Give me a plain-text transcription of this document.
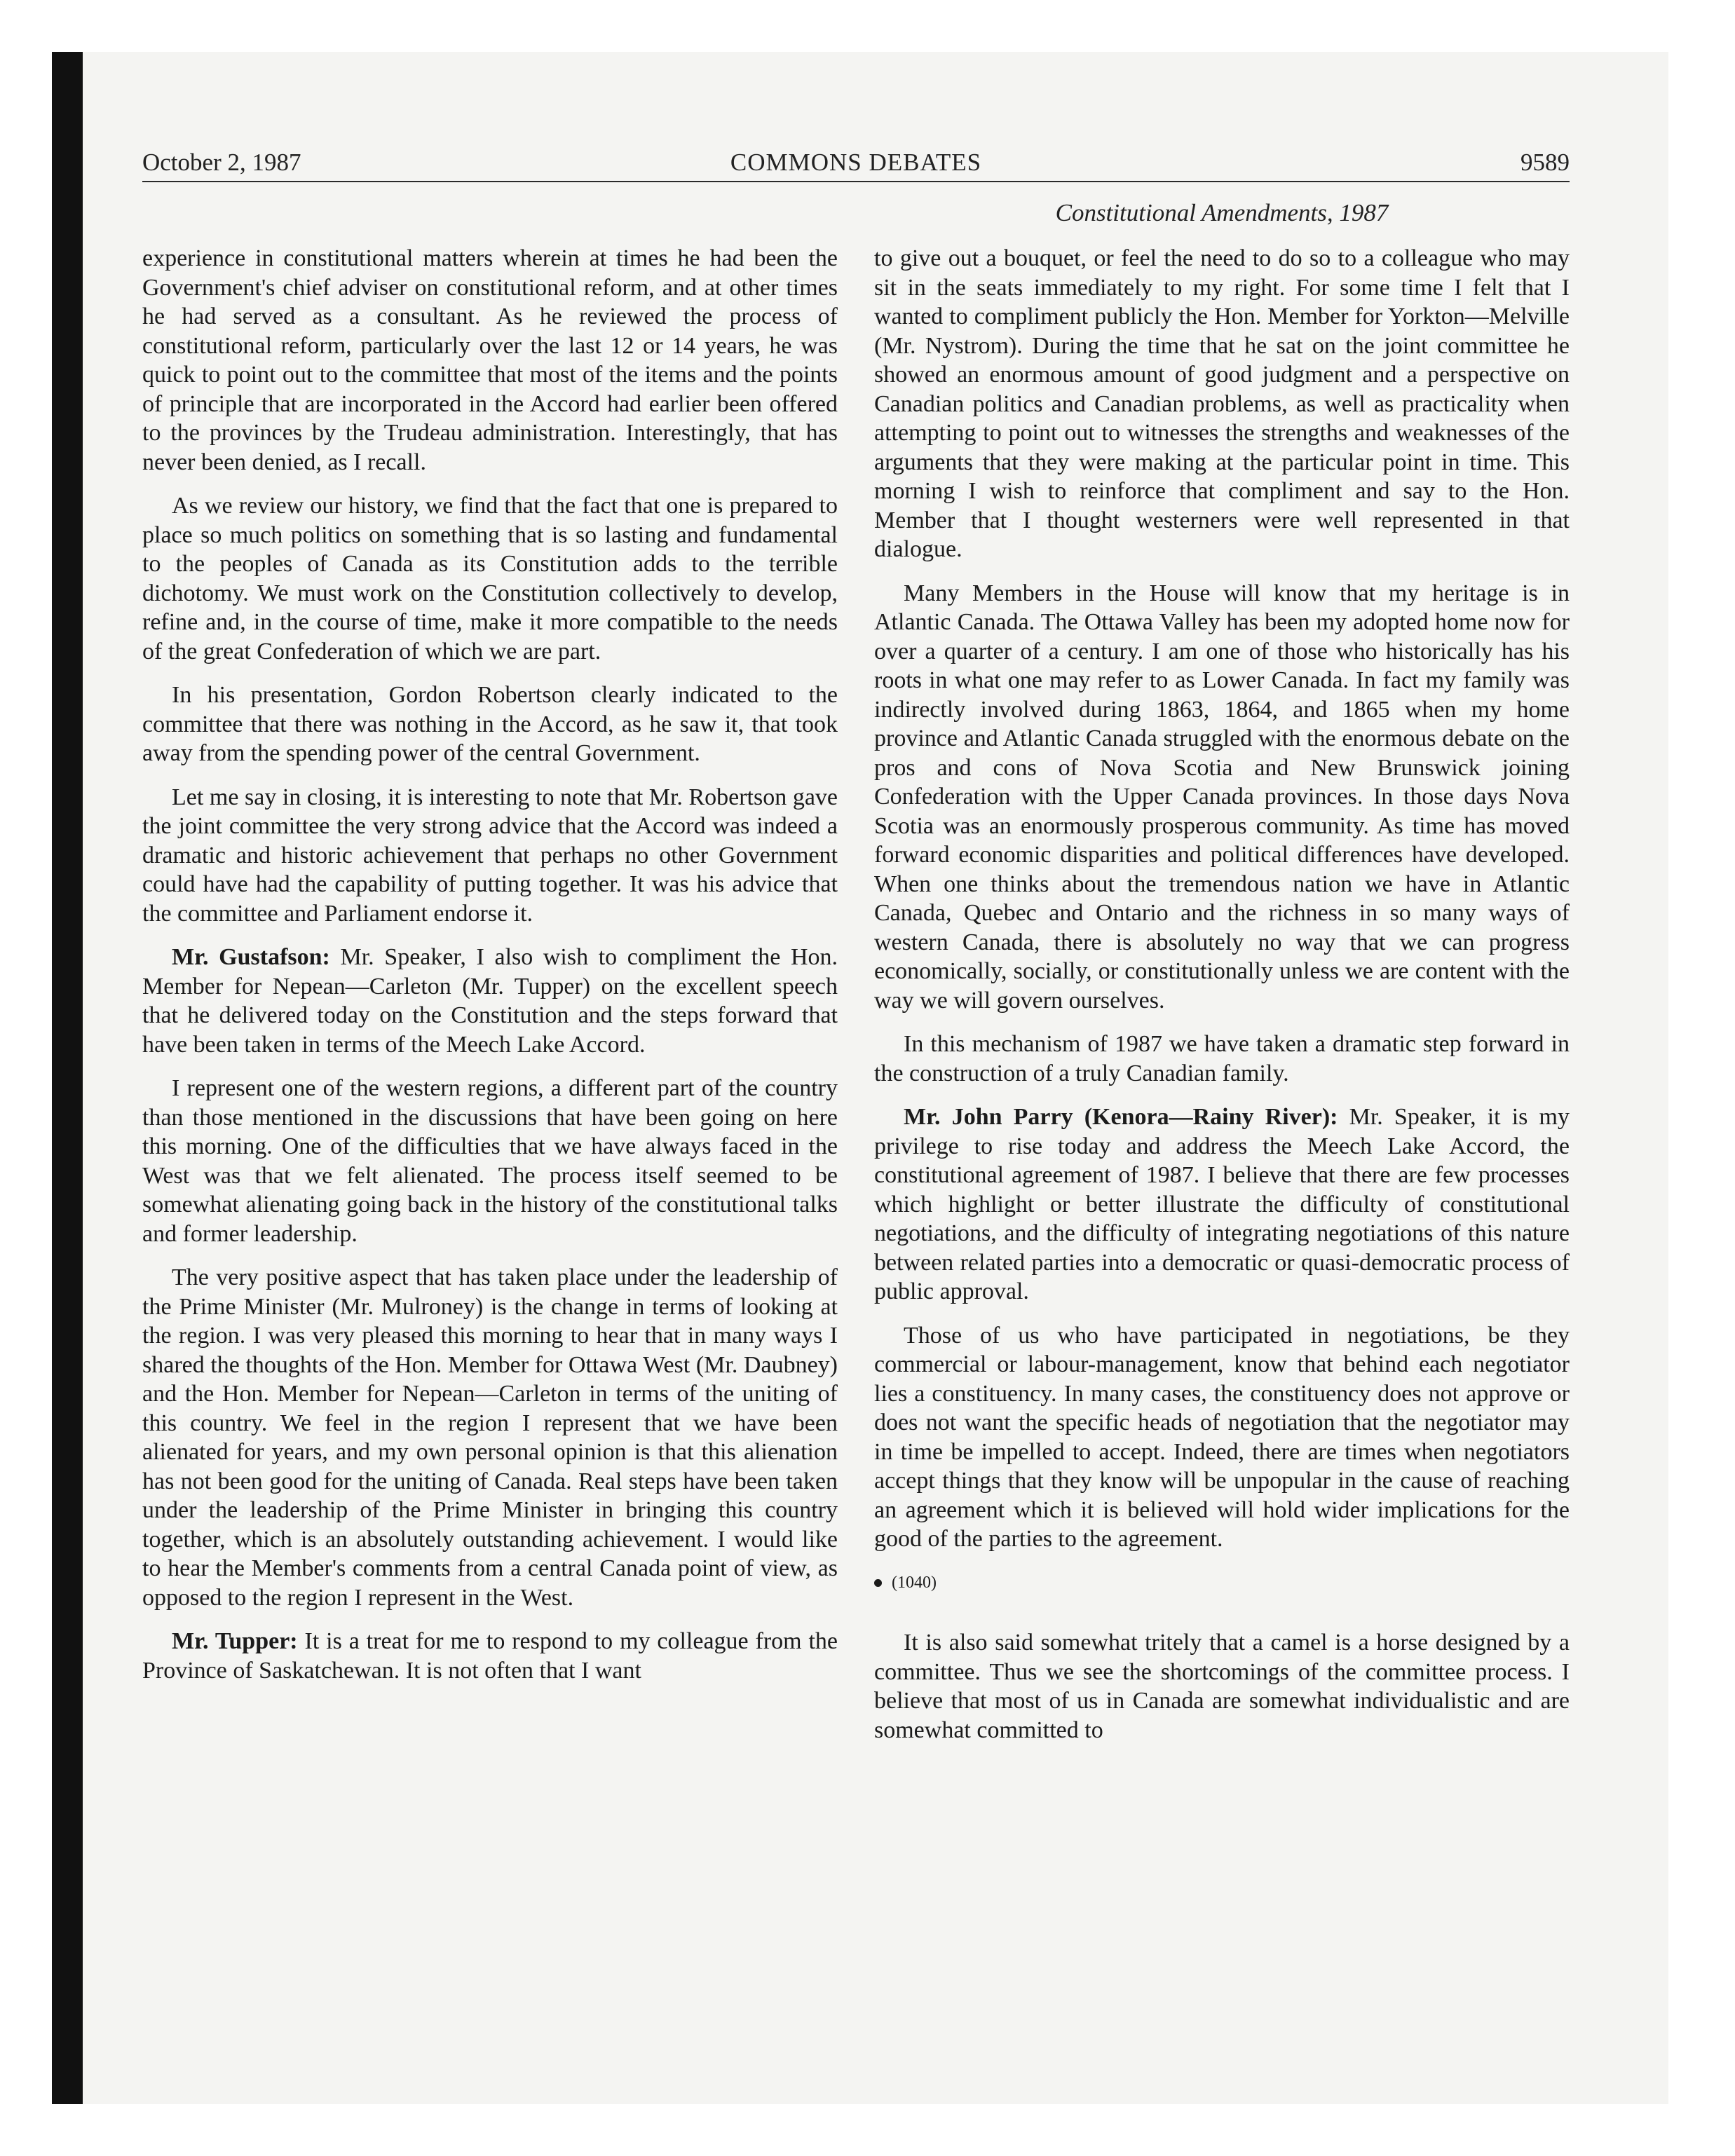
October 2, 1987	COMMONS DEBATES	9589
Constitutional Amendments, 1987

experience in constitutional matters wherein at times he had been the Government's chief adviser on constitutional reform, and at other times he had served as a consultant. As he reviewed the process of constitutional reform, particularly over the last 12 or 14 years, he was quick to point out to the committee that most of the items and the points of principle that are incorporated in the Accord had earlier been offered to the provinces by the Trudeau administration. Interestingly, that has never been denied, as I recall.

As we review our history, we find that the fact that one is prepared to place so much politics on something that is so lasting and fundamental to the peoples of Canada as its Constitution adds to the terrible dichotomy. We must work on the Constitution collectively to develop, refine and, in the course of time, make it more compatible to the needs of the great Confederation of which we are part.

In his presentation, Gordon Robertson clearly indicated to the committee that there was nothing in the Accord, as he saw it, that took away from the spending power of the central Government.

Let me say in closing, it is interesting to note that Mr. Robertson gave the joint committee the very strong advice that the Accord was indeed a dramatic and historic achievement that perhaps no other Government could have had the capability of putting together. It was his advice that the committee and Parliament endorse it.

Mr. Gustafson: Mr. Speaker, I also wish to compliment the Hon. Member for Nepean—Carleton (Mr. Tupper) on the excellent speech that he delivered today on the Constitution and the steps forward that have been taken in terms of the Meech Lake Accord.

I represent one of the western regions, a different part of the country than those mentioned in the discussions that have been going on here this morning. One of the difficulties that we have always faced in the West was that we felt alienated. The process itself seemed to be somewhat alienating going back in the history of the constitutional talks and former leadership.

The very positive aspect that has taken place under the leadership of the Prime Minister (Mr. Mulroney) is the change in terms of looking at the region. I was very pleased this morning to hear that in many ways I shared the thoughts of the Hon. Member for Ottawa West (Mr. Daubney) and the Hon. Member for Nepean—Carleton in terms of the uniting of this country. We feel in the region I represent that we have been alienated for years, and my own personal opinion is that this alienation has not been good for the uniting of Canada. Real steps have been taken under the leadership of the Prime Minister in bringing this country together, which is an absolutely outstanding achievement. I would like to hear the Member's comments from a central Canada point of view, as opposed to the region I represent in the West.

Mr. Tupper: It is a treat for me to respond to my colleague from the Province of Saskatchewan. It is not often that I want

to give out a bouquet, or feel the need to do so to a colleague who may sit in the seats immediately to my right. For some time I felt that I wanted to compliment publicly the Hon. Member for Yorkton—Melville (Mr. Nystrom). During the time that he sat on the joint committee he showed an enormous amount of good judgment and a perspective on Canadian politics and Canadian problems, as well as practicality when attempting to point out to witnesses the strengths and weaknesses of the arguments that they were making at the particular point in time. This morning I wish to reinforce that compliment and say to the Hon. Member that I thought westerners were well represented in that dialogue.

Many Members in the House will know that my heritage is in Atlantic Canada. The Ottawa Valley has been my adopted home now for over a quarter of a century. I am one of those who historically has his roots in what one may refer to as Lower Canada. In fact my family was indirectly involved during 1863, 1864, and 1865 when my home province and Atlantic Canada struggled with the enormous debate on the pros and cons of Nova Scotia and New Brunswick joining Confederation with the Upper Canada provinces. In those days Nova Scotia was an enormously prosperous community. As time has moved forward economic disparities and political differences have developed. When one thinks about the tremendous nation we have in Atlantic Canada, Quebec and Ontario and the richness in so many ways of western Canada, there is absolutely no way that we can progress economically, socially, or constitutionally unless we are content with the way we will govern ourselves.

In this mechanism of 1987 we have taken a dramatic step forward in the construction of a truly Canadian family.

Mr. John Parry (Kenora—Rainy River): Mr. Speaker, it is my privilege to rise today and address the Meech Lake Accord, the constitutional agreement of 1987. I believe that there are few processes which highlight or better illustrate the difficulty of constitutional negotiations, and the difficulty of integrating negotiations of this nature between related parties into a democratic or quasi-democratic process of public approval.

Those of us who have participated in negotiations, be they commercial or labour-management, know that behind each negotiator lies a constituency. In many cases, the constituency does not approve or does not want the specific heads of negotiation that the negotiator may in time be impelled to accept. Indeed, there are times when negotiators accept things that they know will be unpopular in the cause of reaching an agreement which it is believed will hold wider implications for the good of the parties to the agreement.

(1040)

It is also said somewhat tritely that a camel is a horse designed by a committee. Thus we see the shortcomings of the committee process. I believe that most of us in Canada are somewhat individualistic and are somewhat committed to
